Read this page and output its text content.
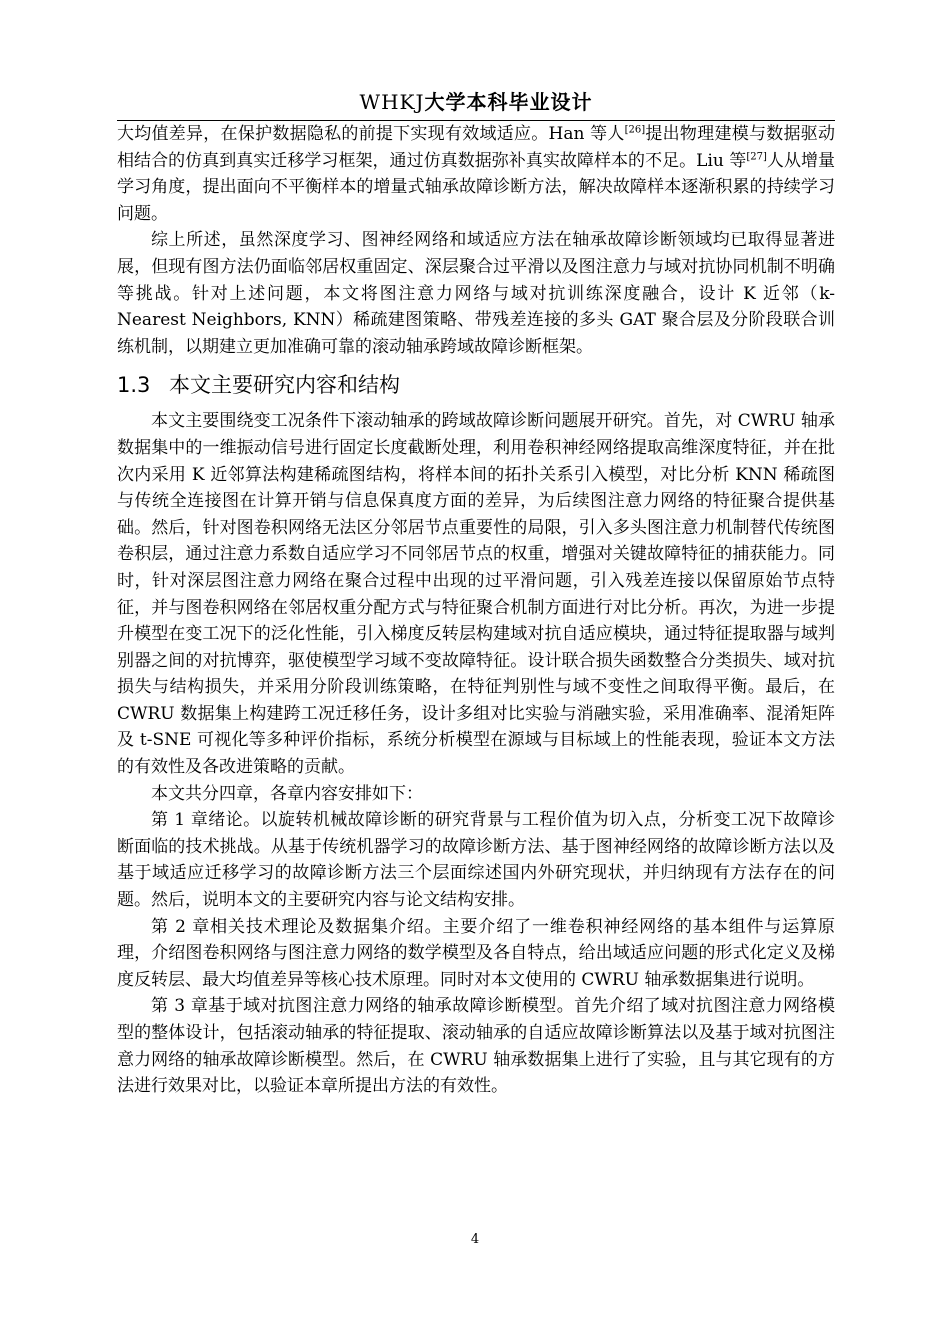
WHKJ大学本科毕业设计

大均值差异，在保护数据隐私的前提下实现有效域适应。Han 等人[26]提出物理建模与数据驱动相结合的仿真到真实迁移学习框架，通过仿真数据弥补真实故障样本的不足。Liu 等[27]人从增量学习角度，提出面向不平衡样本的增量式轴承故障诊断方法，解决故障样本逐渐积累的持续学习问题。

综上所述，虽然深度学习、图神经网络和域适应方法在轴承故障诊断领域均已取得显著进展，但现有图方法仍面临邻居权重固定、深层聚合过平滑以及图注意力与域对抗协同机制不明确等挑战。针对上述问题，本文将图注意力网络与域对抗训练深度融合，设计 K 近邻（k-Nearest Neighbors, KNN）稀疏建图策略、带残差连接的多头 GAT 聚合层及分阶段联合训练机制，以期建立更加准确可靠的滚动轴承跨域故障诊断框架。

1.3 本文主要研究内容和结构

本文主要围绕变工况条件下滚动轴承的跨域故障诊断问题展开研究。首先，对 CWRU 轴承数据集中的一维振动信号进行固定长度截断处理，利用卷积神经网络提取高维深度特征，并在批次内采用 K 近邻算法构建稀疏图结构，将样本间的拓扑关系引入模型，对比分析 KNN 稀疏图与传统全连接图在计算开销与信息保真度方面的差异，为后续图注意力网络的特征聚合提供基础。然后，针对图卷积网络无法区分邻居节点重要性的局限，引入多头图注意力机制替代传统图卷积层，通过注意力系数自适应学习不同邻居节点的权重，增强对关键故障特征的捕获能力。同时，针对深层图注意力网络在聚合过程中出现的过平滑问题，引入残差连接以保留原始节点特征，并与图卷积网络在邻居权重分配方式与特征聚合机制方面进行对比分析。再次，为进一步提升模型在变工况下的泛化性能，引入梯度反转层构建域对抗自适应模块，通过特征提取器与域判别器之间的对抗博弈，驱使模型学习域不变故障特征。设计联合损失函数整合分类损失、域对抗损失与结构损失，并采用分阶段训练策略，在特征判别性与域不变性之间取得平衡。最后，在 CWRU 数据集上构建跨工况迁移任务，设计多组对比实验与消融实验，采用准确率、混淆矩阵及 t-SNE 可视化等多种评价指标，系统分析模型在源域与目标域上的性能表现，验证本文方法的有效性及各改进策略的贡献。

本文共分四章，各章内容安排如下：

第 1 章绪论。以旋转机械故障诊断的研究背景与工程价值为切入点，分析变工况下故障诊断面临的技术挑战。从基于传统机器学习的故障诊断方法、基于图神经网络的故障诊断方法以及基于域适应迁移学习的故障诊断方法三个层面综述国内外研究现状，并归纳现有方法存在的问题。然后，说明本文的主要研究内容与论文结构安排。

第 2 章相关技术理论及数据集介绍。主要介绍了一维卷积神经网络的基本组件与运算原理，介绍图卷积网络与图注意力网络的数学模型及各自特点，给出域适应问题的形式化定义及梯度反转层、最大均值差异等核心技术原理。同时对本文使用的 CWRU 轴承数据集进行说明。

第 3 章基于域对抗图注意力网络的轴承故障诊断模型。首先介绍了域对抗图注意力网络模型的整体设计，包括滚动轴承的特征提取、滚动轴承的自适应故障诊断算法以及基于域对抗图注意力网络的轴承故障诊断模型。然后，在 CWRU 轴承数据集上进行了实验，且与其它现有的方法进行效果对比，以验证本章所提出方法的有效性。

4
